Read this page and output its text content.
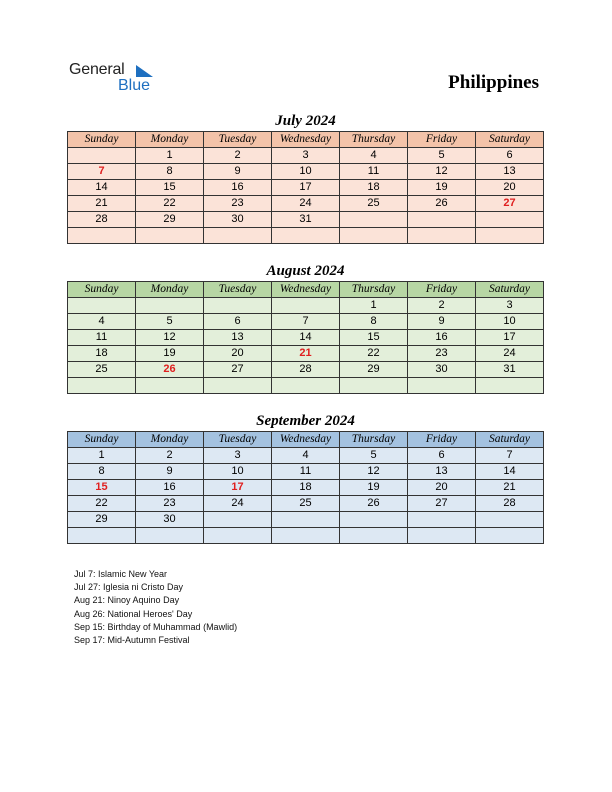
General
Blue	Philippines
July 2024
Sunday	Monday	Tuesday	Wednesday	Thursday	Friday	Saturday
	1	2	3	4	5	6
7	8	9	10	11	12	13
14	15	16	17	18	19	20
21	22	23	24	25	26	27
28	29	30	31			

August 2024
Sunday	Monday	Tuesday	Wednesday	Thursday	Friday	Saturday
				1	2	3
4	5	6	7	8	9	10
11	12	13	14	15	16	17
18	19	20	21	22	23	24
25	26	27	28	29	30	31

September 2024
Sunday	Monday	Tuesday	Wednesday	Thursday	Friday	Saturday
1	2	3	4	5	6	7
8	9	10	11	12	13	14
15	16	17	18	19	20	21
22	23	24	25	26	27	28
29	30					

Jul 7: Islamic New Year
Jul 27: Iglesia ni Cristo Day
Aug 21: Ninoy Aquino Day
Aug 26: National Heroes' Day
Sep 15: Birthday of Muhammad (Mawlid)
Sep 17: Mid-Autumn Festival
